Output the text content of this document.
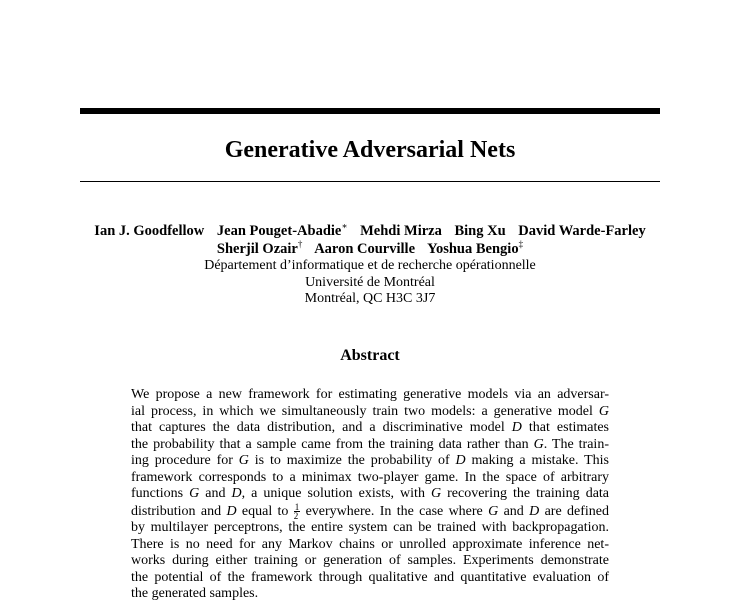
Generative Adversarial Nets
Ian J. Goodfellow Jean Pouget-Abadie∗ Mehdi Mirza Bing Xu David Warde-Farley
Sherjil Ozair† Aaron Courville Yoshua Bengio‡
Département d’informatique et de recherche opérationnelle
Université de Montréal
Montréal, QC H3C 3J7
Abstract
We propose a new framework for estimating generative models via an adversar-
ial process, in which we simultaneously train two models: a generative model G
that captures the data distribution, and a discriminative model D that estimates
the probability that a sample came from the training data rather than G. The train-
ing procedure for G is to maximize the probability of D making a mistake. This
framework corresponds to a minimax two-player game. In the space of arbitrary
functions G and D, a unique solution exists, with G recovering the training data
distribution and D equal to $\frac{1}{2}$ everywhere. In the case where G and D are defined
by multilayer perceptrons, the entire system can be trained with backpropagation.
There is no need for any Markov chains or unrolled approximate inference net-
works during either training or generation of samples. Experiments demonstrate
the potential of the framework through qualitative and quantitative evaluation of
the generated samples.
